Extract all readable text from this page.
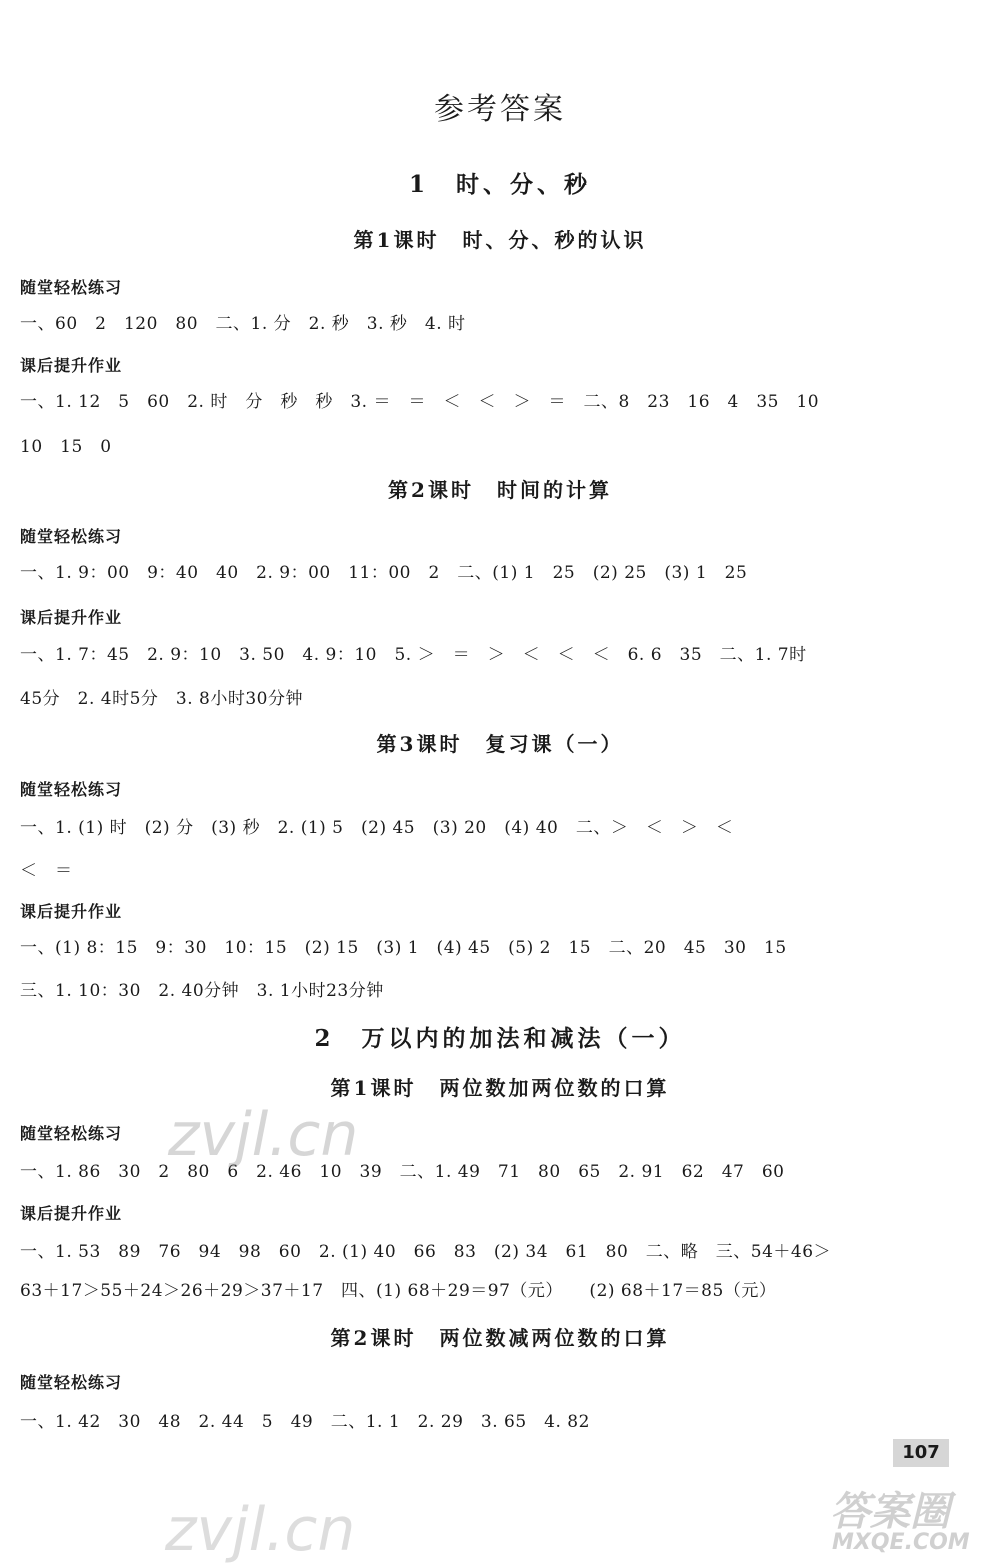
参考答案
1　时、分、秒
第1课时　时、分、秒的认识
随堂轻松练习
一、60　2　120　80　二、1. 分　2. 秒　3. 秒　4. 时
课后提升作业
一、1. 12　5　60　2. 时　分　秒　秒　3. ＝　＝　＜　＜　＞　＝　二、8　23　16　4　35　10
10　15　0
第2课时　时间的计算
随堂轻松练习
一、1. 9：00　9：40　40　2. 9：00　11：00　2　二、(1) 1　25　(2) 25　(3) 1　25
课后提升作业
一、1. 7：45　2. 9：10　3. 50　4. 9：10　5. ＞　＝　＞　＜　＜　＜　6. 6　35　二、1. 7时
45分　2. 4时5分　3. 8小时30分钟
第3课时　复习课（一）
随堂轻松练习
一、1. (1) 时　(2) 分　(3) 秒　2. (1) 5　(2) 45　(3) 20　(4) 40　二、＞　＜　＞　＜
＜　＝
课后提升作业
一、(1) 8：15　9：30　10：15　(2) 15　(3) 1　(4) 45　(5) 2　15　二、20　45　30　15
三、1. 10：30　2. 40分钟　3. 1小时23分钟
2　万以内的加法和减法（一）
第1课时　两位数加两位数的口算
随堂轻松练习
一、1. 86　30　2　80　6　2. 46　10　39　二、1. 49　71　80　65　2. 91　62　47　60
课后提升作业
一、1. 53　89　76　94　98　60　2. (1) 40　66　83　(2) 34　61　80　二、略　三、54＋46＞
63＋17＞55＋24＞26＋29＞37＋17　四、(1) 68＋29＝97（元）　　(2) 68＋17＝85（元）
第2课时　两位数减两位数的口算
随堂轻松练习
一、1. 42　30　48　2. 44　5　49　二、1. 1　2. 29　3. 65　4. 82
107
zvjl.cn
zvjl.cn	答案圈
MXQE.COM
